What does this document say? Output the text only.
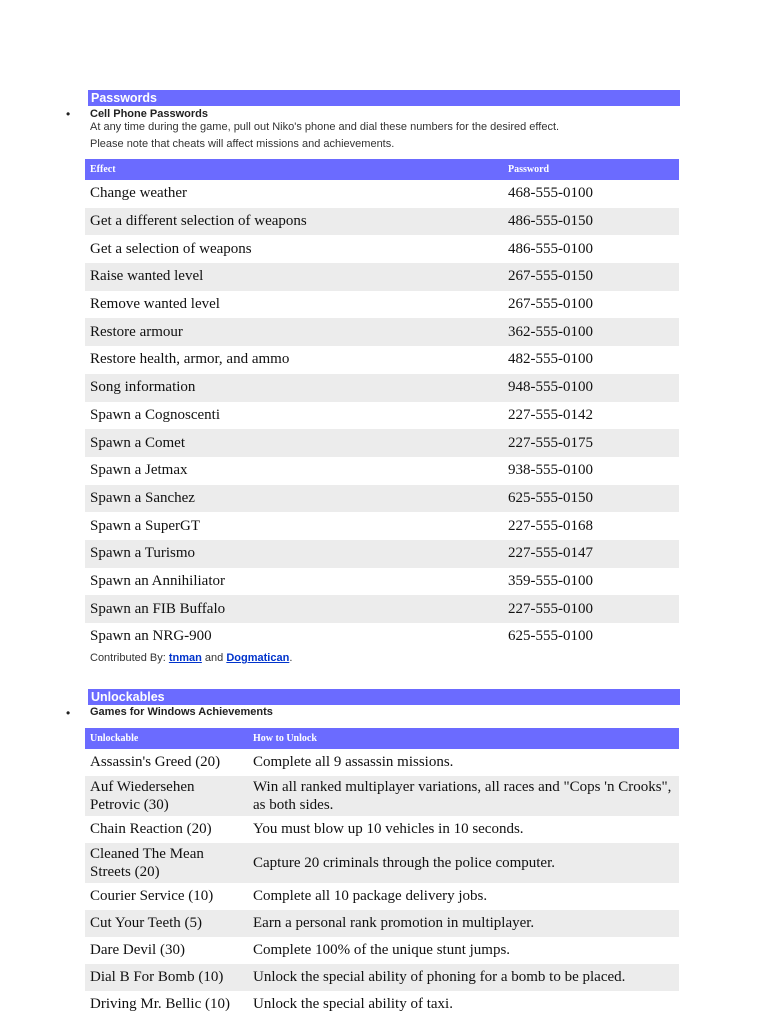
Passwords
• Cell Phone Passwords
At any time during the game, pull out Niko's phone and dial these numbers for the desired effect.
Please note that cheats will affect missions and achievements.
Effect	Password
Change weather	468-555-0100
Get a different selection of weapons	486-555-0150
Get a selection of weapons	486-555-0100
Raise wanted level	267-555-0150
Remove wanted level	267-555-0100
Restore armour	362-555-0100
Restore health, armor, and ammo	482-555-0100
Song information	948-555-0100
Spawn a Cognoscenti	227-555-0142
Spawn a Comet	227-555-0175
Spawn a Jetmax	938-555-0100
Spawn a Sanchez	625-555-0150
Spawn a SuperGT	227-555-0168
Spawn a Turismo	227-555-0147
Spawn an Annihiliator	359-555-0100
Spawn an FIB Buffalo	227-555-0100
Spawn an NRG-900	625-555-0100
Contributed By: tnman and Dogmatican.
Unlockables
• Games for Windows Achievements
Unlockable	How to Unlock
Assassin's Greed (20)	Complete all 9 assassin missions.
Auf Wiedersehen Petrovic (30)	Win all ranked multiplayer variations, all races and "Cops 'n Crooks", as both sides.
Chain Reaction (20)	You must blow up 10 vehicles in 10 seconds.
Cleaned The Mean Streets (20)	Capture 20 criminals through the police computer.
Courier Service (10)	Complete all 10 package delivery jobs.
Cut Your Teeth (5)	Earn a personal rank promotion in multiplayer.
Dare Devil (30)	Complete 100% of the unique stunt jumps.
Dial B For Bomb (10)	Unlock the special ability of phoning for a bomb to be placed.
Driving Mr. Bellic (10)	Unlock the special ability of taxi.
